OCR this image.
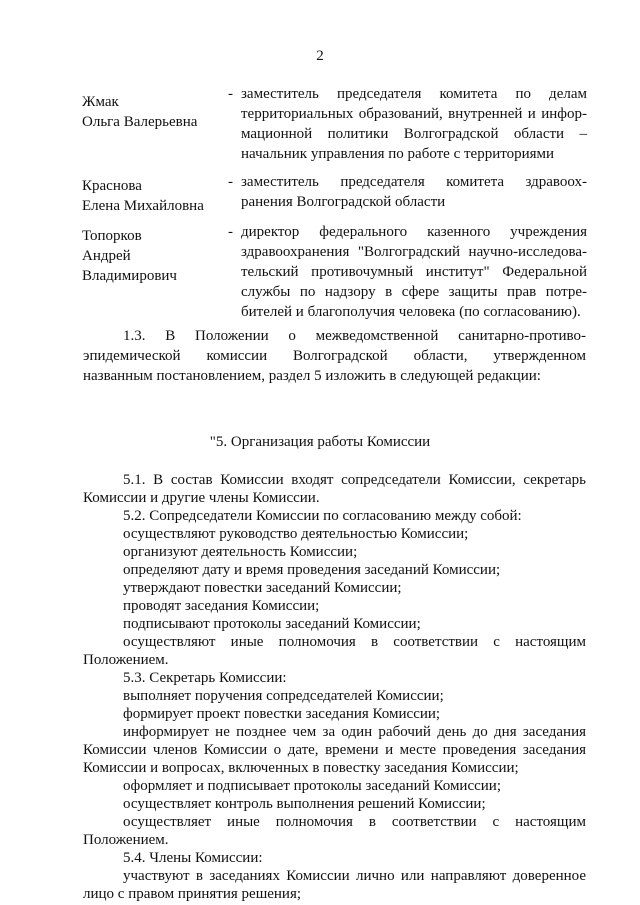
2
Жмак
Ольга Валерьевна
- заместитель председателя комитета по делам
территориальных образований, внутренней и инфор-
мационной политики Волгоградской области –
начальник управления по работе с территориями
Краснова
Елена Михайловна
- заместитель председателя комитета здравоох-
ранения Волгоградской области
Топорков
Андрей
Владимирович
- директор федерального казенного учреждения
здравоохранения "Волгоградский научно-исследова-
тельский противочумный институт" Федеральной
службы по надзору в сфере защиты прав потре-
бителей и благополучия человека (по согласованию).
1.3. В Положении о межведомственной санитарно-противо-
эпидемической комиссии Волгоградской области, утвержденном
названным постановлением, раздел 5 изложить в следующей редакции:
"5. Организация работы Комиссии
5.1. В состав Комиссии входят сопредседатели Комиссии, секретарь
Комиссии и другие члены Комиссии.
5.2. Сопредседатели Комиссии по согласованию между собой:
осуществляют руководство деятельностью Комиссии;
организуют деятельность Комиссии;
определяют дату и время проведения заседаний Комиссии;
утверждают повестки заседаний Комиссии;
проводят заседания Комиссии;
подписывают протоколы заседаний Комиссии;
осуществляют иные полномочия в соответствии с настоящим
Положением.
5.3. Секретарь Комиссии:
выполняет поручения сопредседателей Комиссии;
формирует проект повестки заседания Комиссии;
информирует не позднее чем за один рабочий день до дня заседания
Комиссии членов Комиссии о дате, времени и месте проведения заседания
Комиссии и вопросах, включенных в повестку заседания Комиссии;
оформляет и подписывает протоколы заседаний Комиссии;
осуществляет контроль выполнения решений Комиссии;
осуществляет иные полномочия в соответствии с настоящим
Положением.
5.4. Члены Комиссии:
участвуют в заседаниях Комиссии лично или направляют доверенное
лицо с правом принятия решения;
